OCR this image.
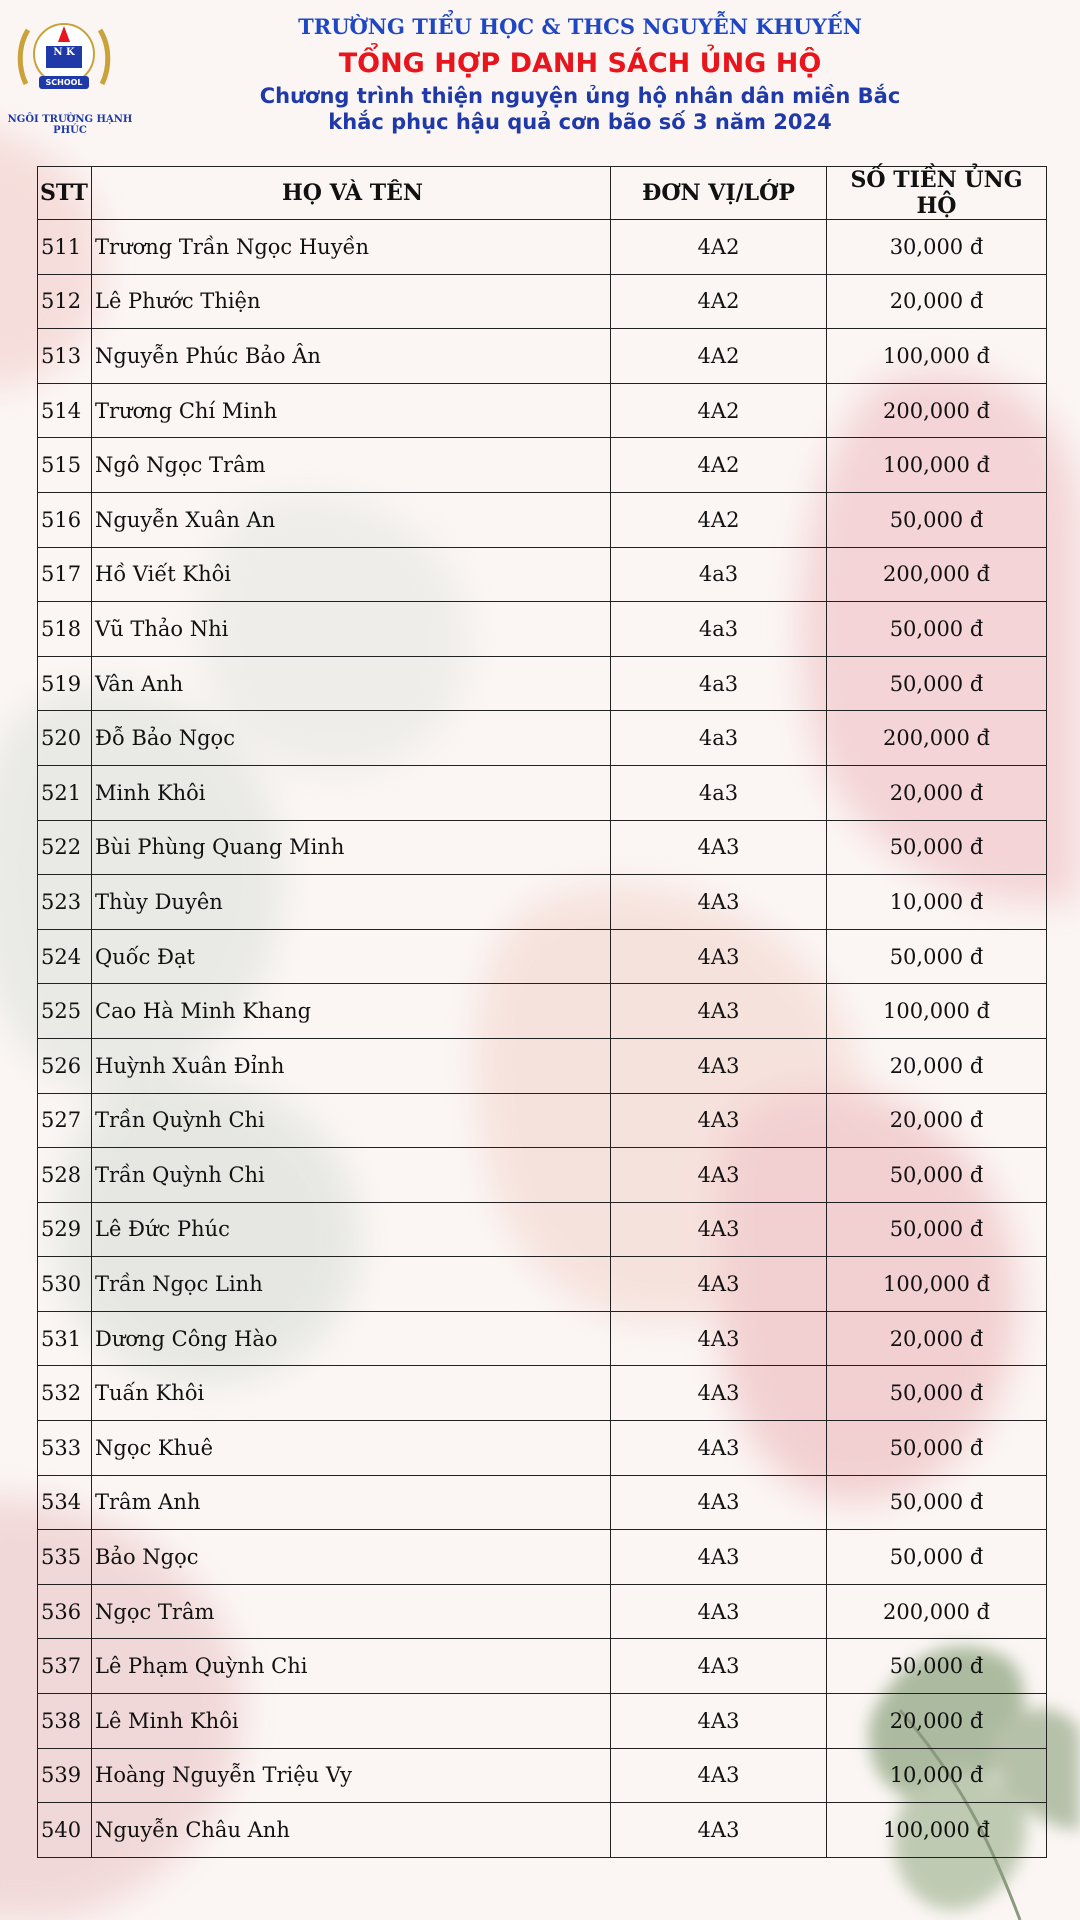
N K
SCHOOL
NGÔI TRƯỜNG HẠNH PHÚC
TRƯỜNG TIỂU HỌC & THCS NGUYỄN KHUYẾN
TỔNG HỢP DANH SÁCH ỦNG HỘ
Chương trình thiện nguyện ủng hộ nhân dân miền Bắc
khắc phục hậu quả cơn bão số 3 năm 2024
STT	HỌ VÀ TÊN	ĐƠN VỊ/LỚP	SỐ TIỀN ỦNG HỘ
511	Trương Trần Ngọc Huyền	4A2	30,000 đ
512	Lê Phước Thiện	4A2	20,000 đ
513	Nguyễn Phúc Bảo Ân	4A2	100,000 đ
514	Trương Chí Minh	4A2	200,000 đ
515	Ngô Ngọc Trâm	4A2	100,000 đ
516	Nguyễn Xuân An	4A2	50,000 đ
517	Hồ Viết Khôi	4a3	200,000 đ
518	Vũ Thảo Nhi	4a3	50,000 đ
519	Vân Anh	4a3	50,000 đ
520	Đỗ Bảo Ngọc	4a3	200,000 đ
521	Minh Khôi	4a3	20,000 đ
522	Bùi Phùng Quang Minh	4A3	50,000 đ
523	Thùy Duyên	4A3	10,000 đ
524	Quốc Đạt	4A3	50,000 đ
525	Cao Hà Minh Khang	4A3	100,000 đ
526	Huỳnh Xuân Đỉnh	4A3	20,000 đ
527	Trần Quỳnh Chi	4A3	20,000 đ
528	Trần Quỳnh Chi	4A3	50,000 đ
529	Lê Đức Phúc	4A3	50,000 đ
530	Trần Ngọc Linh	4A3	100,000 đ
531	Dương Công Hào	4A3	20,000 đ
532	Tuấn Khôi	4A3	50,000 đ
533	Ngọc Khuê	4A3	50,000 đ
534	Trâm Anh	4A3	50,000 đ
535	Bảo Ngọc	4A3	50,000 đ
536	Ngọc Trâm	4A3	200,000 đ
537	Lê Phạm Quỳnh Chi	4A3	50,000 đ
538	Lê Minh Khôi	4A3	20,000 đ
539	Hoàng Nguyễn Triệu Vy	4A3	10,000 đ
540	Nguyễn Châu Anh	4A3	100,000 đ
